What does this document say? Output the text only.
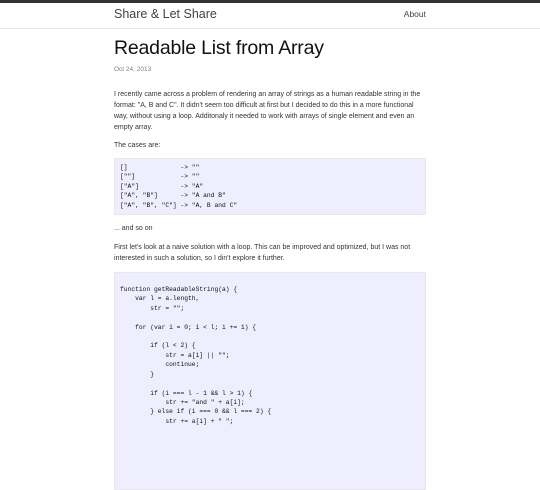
Share & Let Share	About
Readable List from Array
Oct 24, 2013

I recently came across a problem of rendering an array of strings as a human readable string in the format: "A, B and C". It didn't seem too difficult at first but I decided to do this in a more functional way, without using a loop. Additonaly it needed to work with arrays of single element and even an empty array.

The cases are:

[]              -> ""
[""]            -> ""
["A"]           -> "A"
["A", "B"]      -> "A and B"
["A", "B", "C"] -> "A, B and C"

... and so on

First let's look at a naive solution with a loop. This can be improved and optimized, but I was not interested in such a solution, so I din't explore it further.

function getReadableString(a) {
var l = a.length,
str = "";

for (var i = 0; i < l; i += 1) {

if (l < 2) {
str = a[i] || "";
continue;
}

if (i === l - 1 && l > 1) {
str += "and " + a[i];
} else if (i === 0 && l === 2) {
str += a[i] + " ";
